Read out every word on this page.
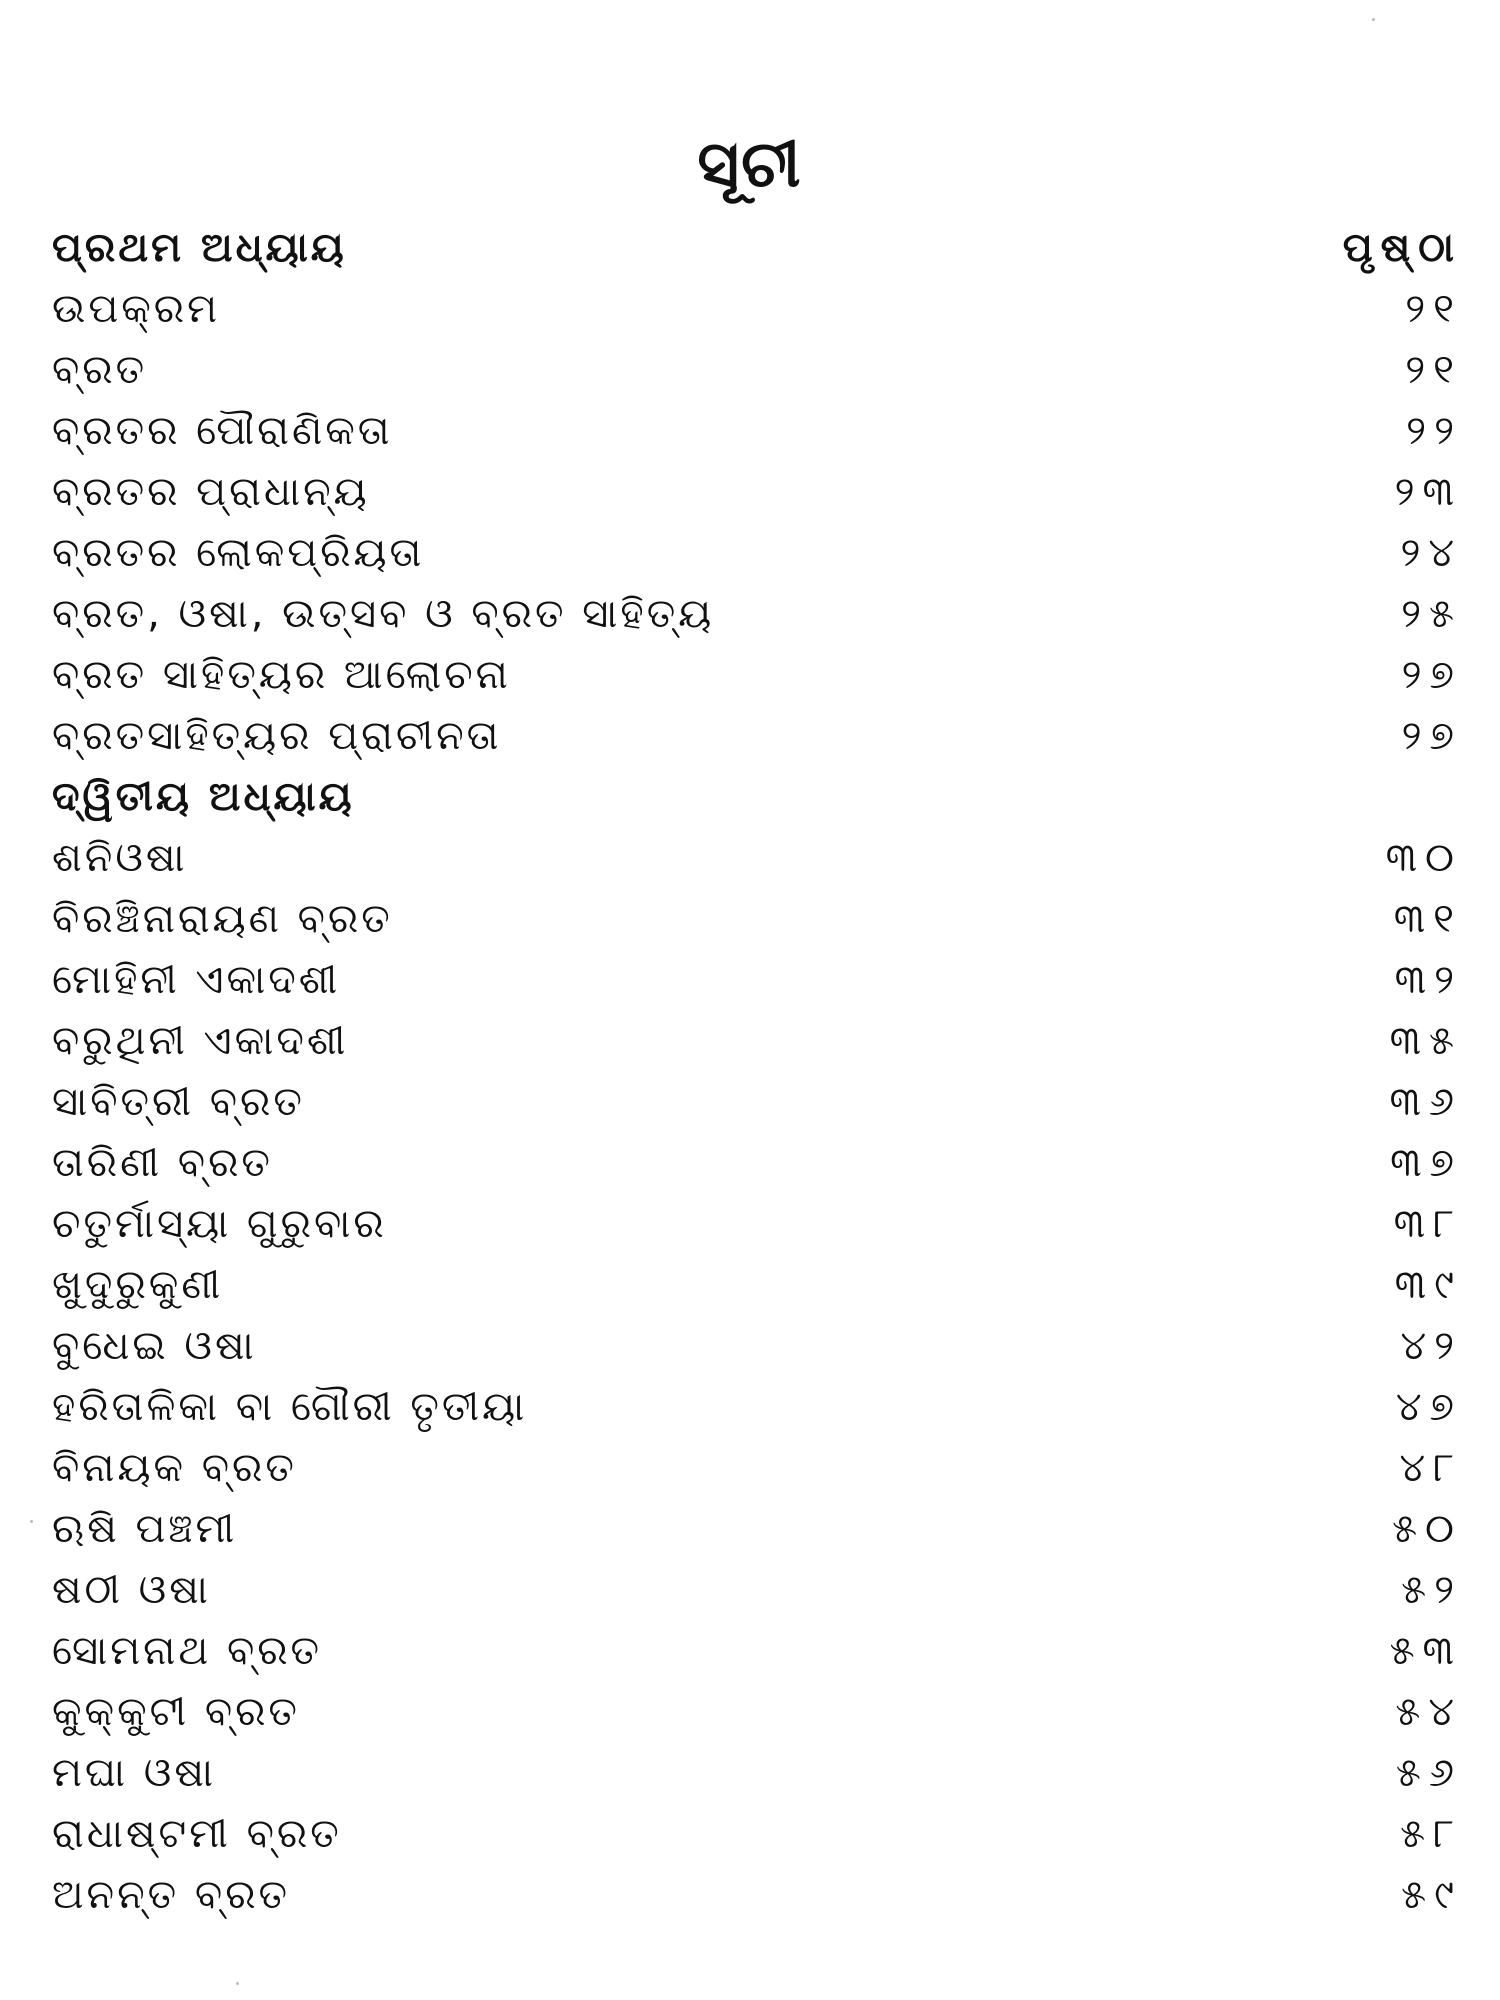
ସୂଚୀ
ପ୍ରଥମ ଅଧ୍ୟାୟ	ପୃଷ୍ଠା
ଉପକ୍ରମ	୨୧
ବ୍ରତ	୨୧
ବ୍ରତର ପୌରାଣିକତା	୨୨
ବ୍ରତର ପ୍ରାଧାନ୍ୟ	୨୩
ବ୍ରତର ଲୋକପ୍ରିୟତା	୨୪
ବ୍ରତ, ଓଷା, ଉତ୍ସବ ଓ ବ୍ରତ ସାହିତ୍ୟ	୨୫
ବ୍ରତ ସାହିତ୍ୟର ଆଲୋଚନା	୨୭
ବ୍ରତସାହିତ୍ୟର ପ୍ରାଚୀନତା	୨୭
ଦ୍ୱିତୀୟ ଅଧ୍ୟାୟ
ଶନିଓଷା	୩୦
ବିରଞ୍ଚିନାରାୟଣ ବ୍ରତ	୩୧
ମୋହିନୀ ଏକାଦଶୀ	୩୨
ବରୁଥିନୀ ଏକାଦଶୀ	୩୫
ସାବିତ୍ରୀ ବ୍ରତ	୩୬
ତାରିଣୀ ବ୍ରତ	୩୭
ଚତୁର୍ମାସ୍ୟା ଗୁରୁବାର	୩୮
ଖୁଦୁରୁକୁଣୀ	୩୯
ବୁଧେଇ ଓଷା	୪୨
ହରିତାଳିକା ବା ଗୌରୀ ତୃତୀୟା	୪୭
ବିନାୟକ ବ୍ରତ	୪୮
ଋଷି ପଞ୍ଚମୀ	୫୦
ଷଠୀ ଓଷା	୫୨
ସୋମନାଥ ବ୍ରତ	୫୩
କୁକ୍‌କୁଟୀ ବ୍ରତ	୫୪
ମଘା ଓଷା	୫୬
ରାଧାଷ୍ଟମୀ ବ୍ରତ	୫୮
ଅନନ୍ତ ବ୍ରତ	୫୯
